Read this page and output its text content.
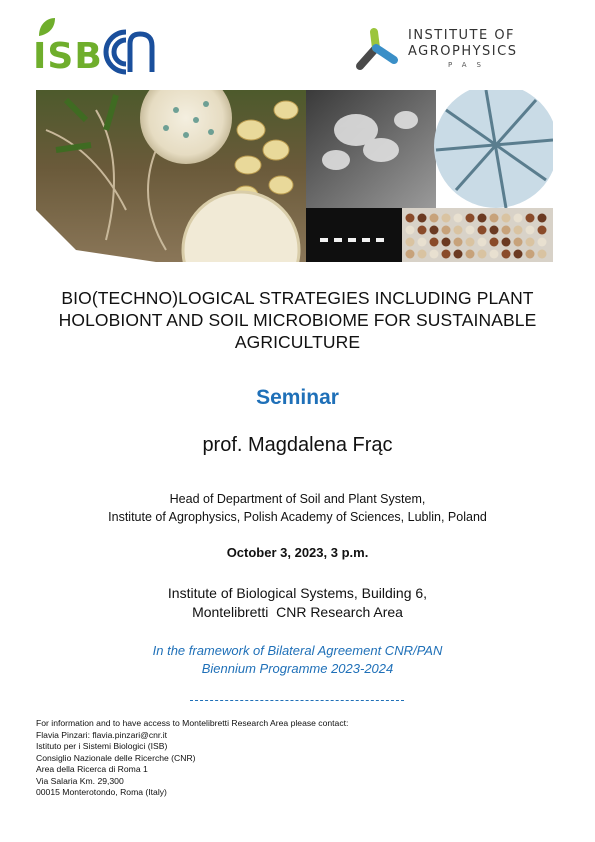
ISB
INSTITUTE OF
AGROPHYSICS
PAS
BIO(TECHNO)LOGICAL STRATEGIES INCLUDING PLANT
HOLOBIONT AND SOIL MICROBIOME FOR SUSTAINABLE
AGRICULTURE
Seminar
prof. Magdalena Frąc
Head of Department of Soil and Plant System,
Institute of Agrophysics, Polish Academy of Sciences, Lublin, Poland
October 3, 2023, 3 p.m.
Institute of Biological Systems, Building 6,
Montelibretti  CNR Research Area
In the framework of Bilateral Agreement CNR/PAN
Biennium Programme 2023-2024
For information and to have access to Montelibretti Research Area please contact:
Flavia Pinzari: flavia.pinzari@cnr.it
Istituto per i Sistemi Biologici (ISB)
Consiglio Nazionale delle Ricerche (CNR)
Area della Ricerca di Roma 1
Via Salaria Km. 29,300
00015 Monterotondo, Roma (Italy)
